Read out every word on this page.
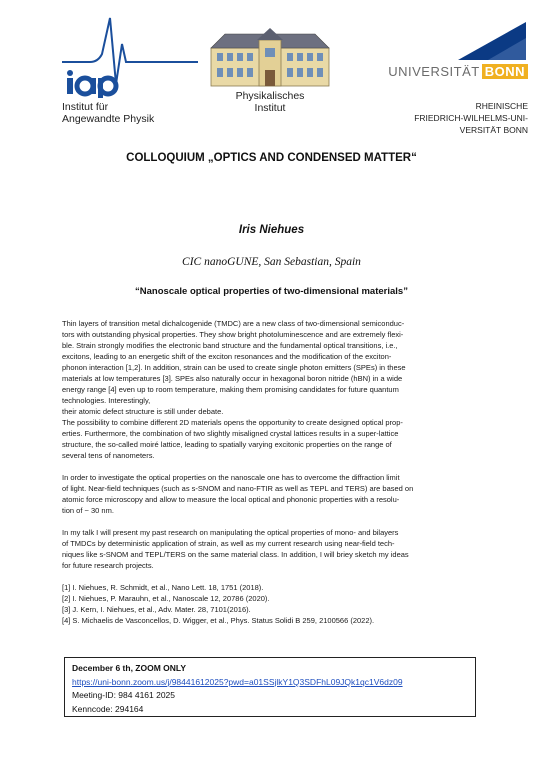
Institut für
Angewandte Physik
Physikalisches
Institut
UNIVERSITÄT BONN
RHEINISCHE
FRIEDRICH-WILHELMS-UNI-
VERSITÄT BONN
COLLOQUIUM „OPTICS AND CONDENSED MATTER“
Iris Niehues
CIC nanoGUNE, San Sebastian, Spain
“Nanoscale optical properties of two-dimensional materials”

Thin layers of transition metal dichalcogenide (TMDC) are a new class of two-dimensional semiconduc-
tors with outstanding physical properties. They show bright photoluminescence and are extremely flexi-
ble. Strain strongly modifies the electronic band structure and the fundamental optical transitions, i.e.,
excitons, leading to an energetic shift of the exciton resonances and the modification of the exciton-
phonon interaction [1,2]. In addition, strain can be used to create single photon emitters (SPEs) in these
materials at low temperatures [3]. SPEs also naturally occur in hexagonal boron nitride (hBN) in a wide
energy range [4] even up to room temperature, making them promising candidates for future quantum
technologies. Interestingly,
their atomic defect structure is still under debate.
The possibility to combine different 2D materials opens the opportunity to create designed optical prop-
erties. Furthermore, the combination of two slightly misaligned crystal lattices results in a super-lattice
structure, the so-called moiré lattice, leading to spatially varying excitonic properties on the range of
several tens of nanometers.

In order to investigate the optical properties on the nanoscale one has to overcome the diffraction limit
of light. Near-field techniques (such as s-SNOM and nano-FTIR as well as TEPL and TERS) are based on
atomic force microscopy and allow to measure the local optical and phononic properties with a resolu-
tion of ~ 30 nm.

In my talk I will present my past research on manipulating the optical properties of mono- and bilayers
of TMDCs by deterministic application of strain, as well as my current research using near-field tech-
niques like s-SNOM and TEPL/TERS on the same material class. In addition, I will briey sketch my ideas
for future research projects.

[1] I. Niehues, R. Schmidt, et al., Nano Lett. 18, 1751 (2018).
[2] I. Niehues, P. Marauhn, et al., Nanoscale 12, 20786 (2020).
[3] J. Kern, I. Niehues, et al., Adv. Mater. 28, 7101(2016).
[4] S. Michaelis de Vasconcellos, D. Wigger, et al., Phys. Status Solidi B 259, 2100566 (2022).
December 6 th, ZOOM ONLY
https://uni-bonn.zoom.us/j/98441612025?pwd=a01SSjlkY1Q3SDFhL09JQk1qc1V6dz09
Meeting-ID: 984 4161 2025
Kenncode: 294164
